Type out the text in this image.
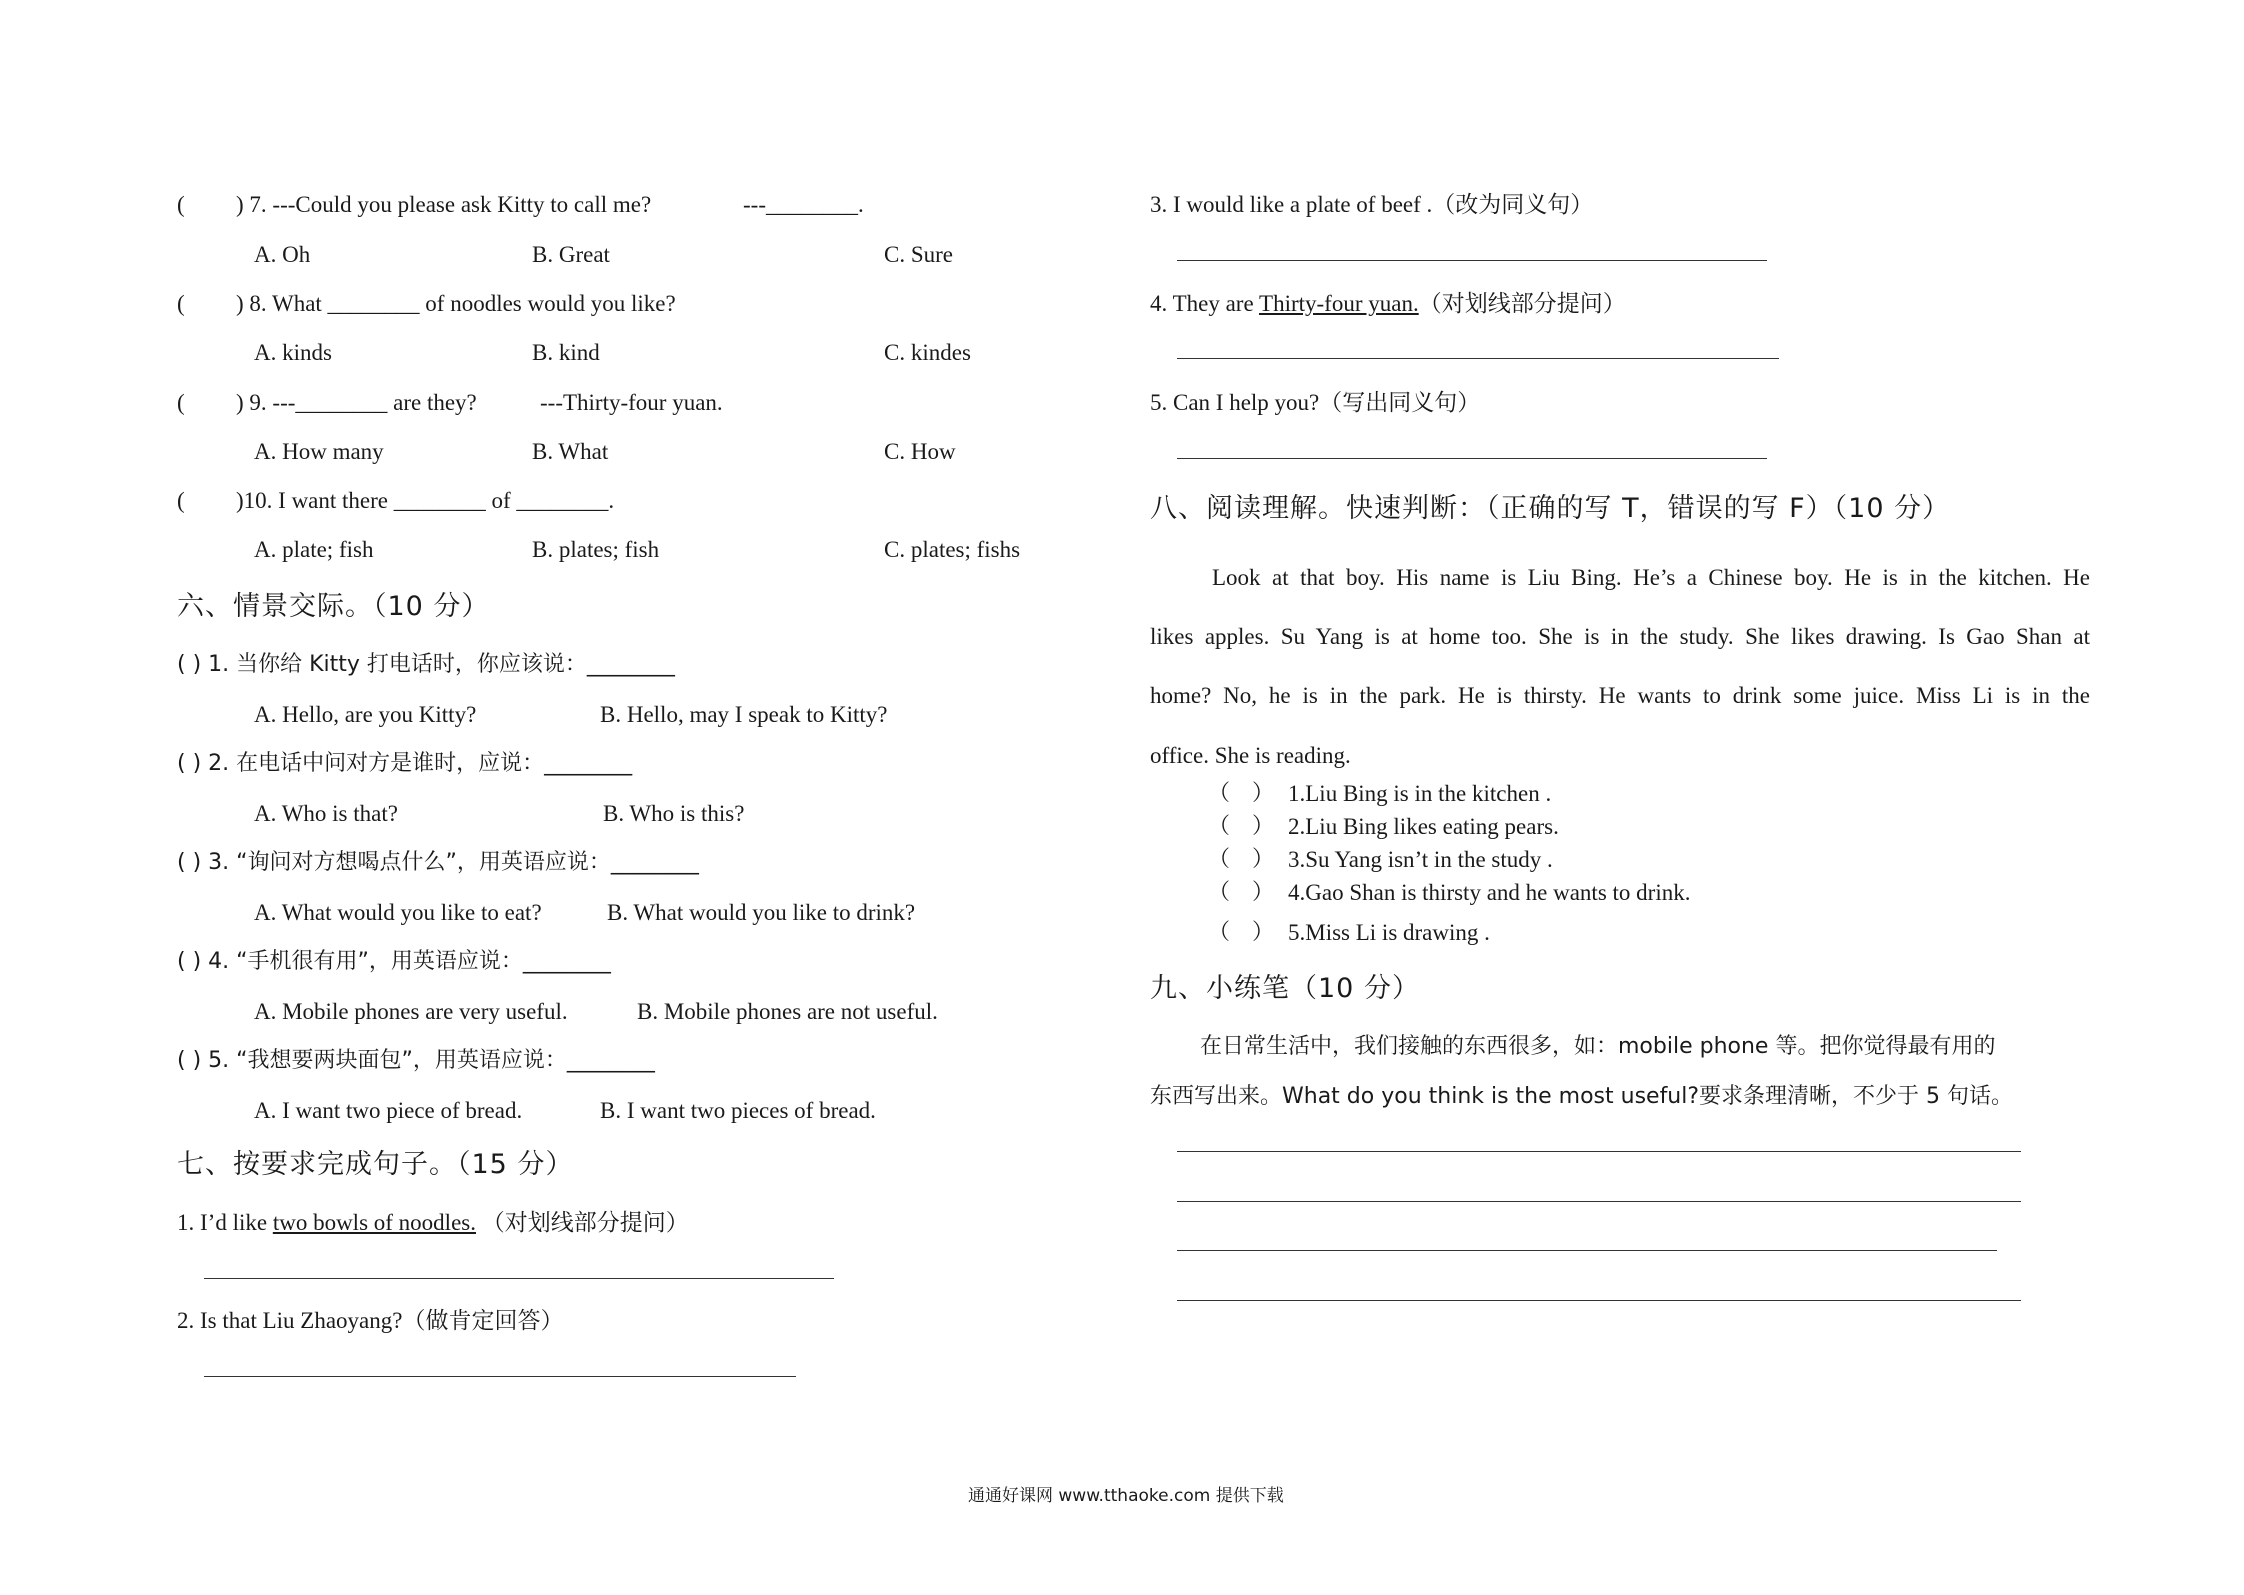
( ) 7. ---Could you please ask Kitty to call me?	---________.
A. Oh	B. Great	C. Sure
( ) 8. What ________ of noodles would you like?
A. kinds	B. kind	C. kindes
( ) 9. ---________ are they?	---Thirty-four yuan.
A. How many	B. What	C. How
( )10. I want there ________ of ________.
A. plate; fish	B. plates; fish	C. plates; fishs
六、情景交际。（10 分）
( ) 1. 当你给 Kitty 打电话时，你应该说：________
A. Hello, are you Kitty?	B. Hello, may I speak to Kitty?
( ) 2. 在电话中问对方是谁时，应说：________
A. Who is that?	B. Who is this?
( ) 3. “询问对方想喝点什么”，用英语应说：________
A. What would you like to eat?	B. What would you like to drink?
( ) 4. “手机很有用”，用英语应说：________
A. Mobile phones are very useful.	B. Mobile phones are not useful.
( ) 5. “我想要两块面包”，用英语应说：________
A. I want two piece of bread.	B. I want two pieces of bread.
七、按要求完成句子。（15 分）
1. I’d like two bowls of noodles. （对划线部分提问）
2. Is that Liu Zhaoyang?（做肯定回答）
3. I would like a plate of beef .（改为同义句）
4. They are Thirty-four yuan.（对划线部分提问）
5. Can I help you?（写出同义句）
八、阅读理解。快速判断：（正确的写 T，错误的写 F）（10 分）
Look at that boy. His name is Liu Bing. He’s a Chinese boy. He is in the kitchen. He
likes apples. Su Yang is at home too. She is in the study. She likes drawing. Is Gao Shan at
home? No, he is in the park. He is thirsty. He wants to drink some juice. Miss Li is in the
office. She is reading.
（ ） 1.Liu Bing is in the kitchen .
（ ） 2.Liu Bing likes eating pears.
（ ） 3.Su Yang isn’t in the study .
（ ） 4.Gao Shan is thirsty and he wants to drink.
（ ） 5.Miss Li is drawing .
九、小练笔（10 分）
在日常生活中，我们接触的东西很多，如：mobile phone 等。把你觉得最有用的
东西写出来。What do you think is the most useful?要求条理清晰，不少于 5 句话。
通通好课网 www.tthaoke.com 提供下载
